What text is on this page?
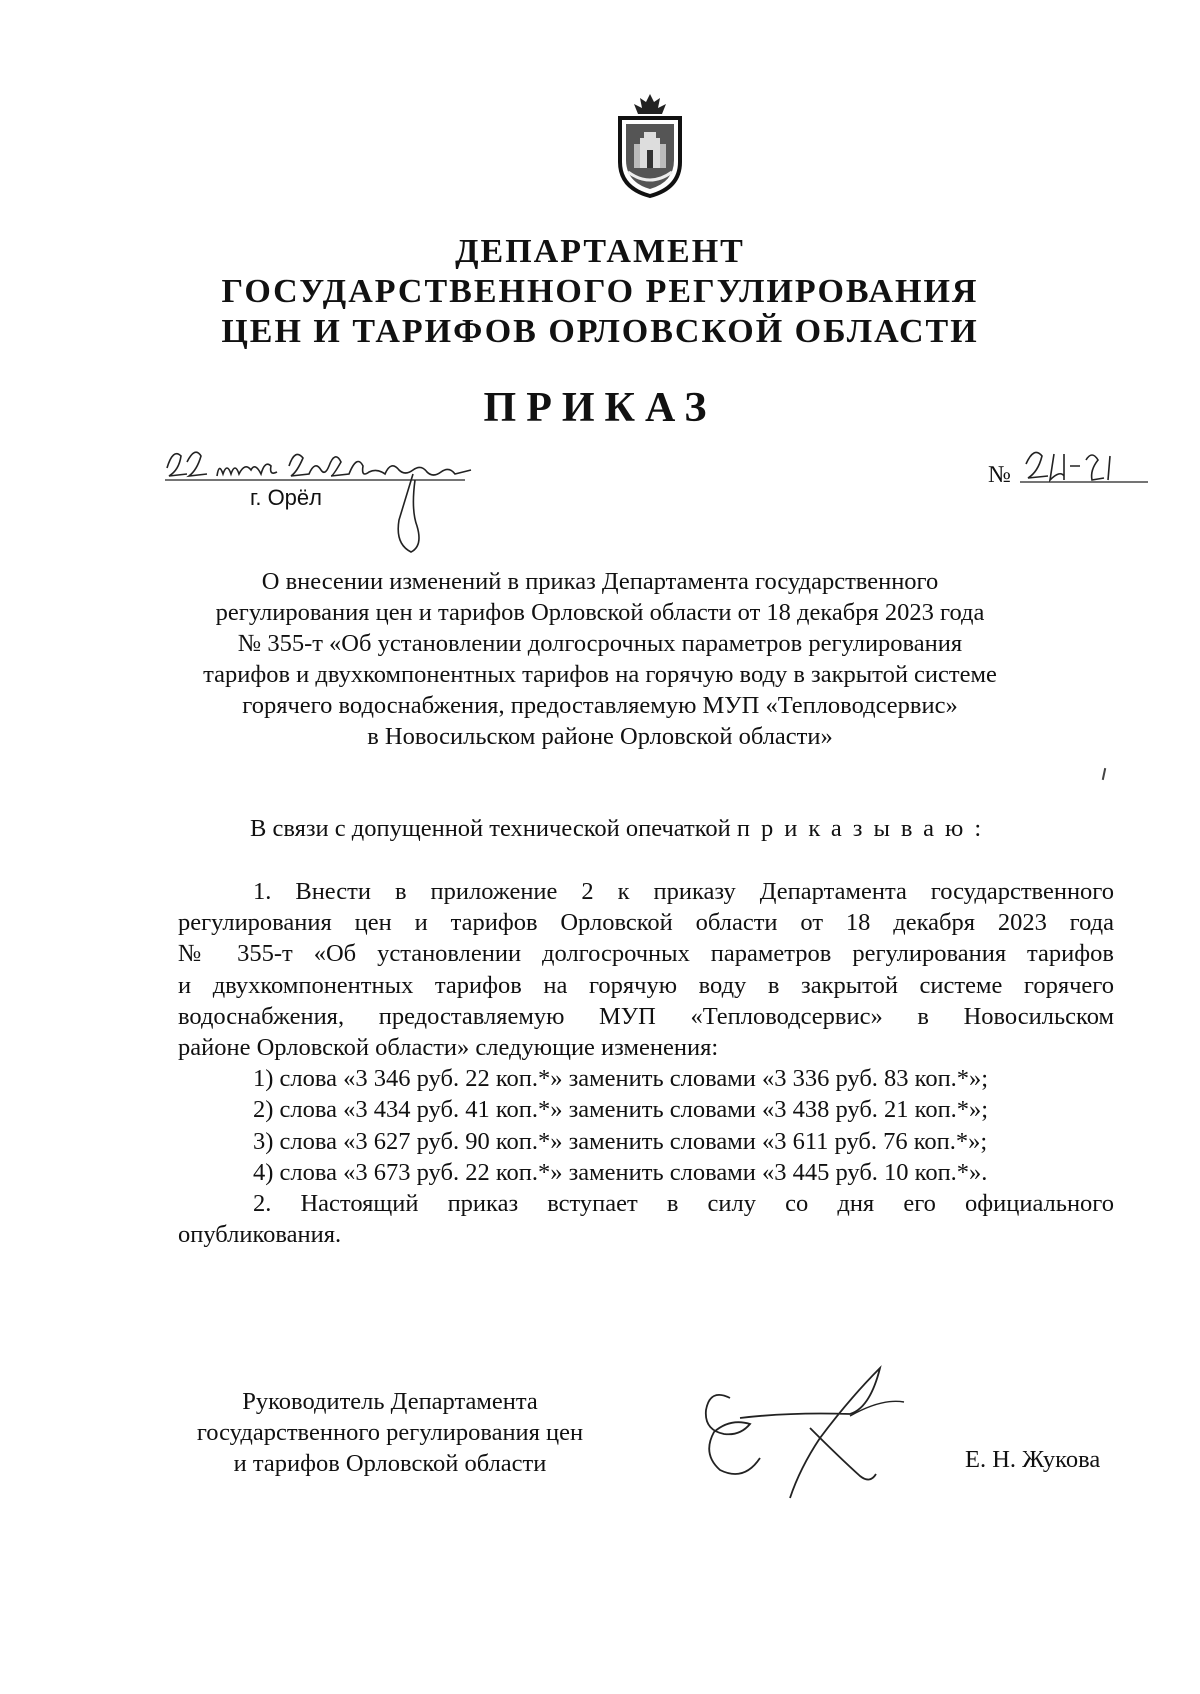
ДЕПАРТАМЕНТ
ГОСУДАРСТВЕННОГО РЕГУЛИРОВАНИЯ
ЦЕН И ТАРИФОВ ОРЛОВСКОЙ ОБЛАСТИ
ПРИКАЗ
г. Орёл
№
О внесении изменений в приказ Департамента государственного
регулирования цен и тарифов Орловской области от 18 декабря 2023 года
№ 355-т «Об установлении долгосрочных параметров регулирования
тарифов и двухкомпонентных тарифов на горячую воду в закрытой системе
горячего водоснабжения, предоставляемую МУП «Тепловодсервис»
в Новосильском районе Орловской области»
В связи с допущенной технической опечаткой приказываю:

1. Внести в приложение 2 к приказу Департамента государственного

регулирования цен и тарифов Орловской области от 18 декабря 2023 года

№ 355-т «Об установлении долгосрочных параметров регулирования тарифов

и двухкомпонентных тарифов на горячую воду в закрытой системе горячего

водоснабжения, предоставляемую МУП «Тепловодсервис» в Новосильском

районе Орловской области» следующие изменения:

1) слова «3 346 руб. 22 коп.*» заменить словами «3 336 руб. 83 коп.*»;

2) слова «3 434 руб. 41 коп.*» заменить словами «3 438 руб. 21 коп.*»;

3) слова «3 627 руб. 90 коп.*» заменить словами «3 611 руб. 76 коп.*»;

4) слова «3 673 руб. 22 коп.*» заменить словами «3 445 руб. 10 коп.*».

2. Настоящий приказ вступает в силу со дня его официального

опубликования.

Руководитель Департамента
государственного регулирования цен
и тарифов Орловской области	Е. Н. Жукова
